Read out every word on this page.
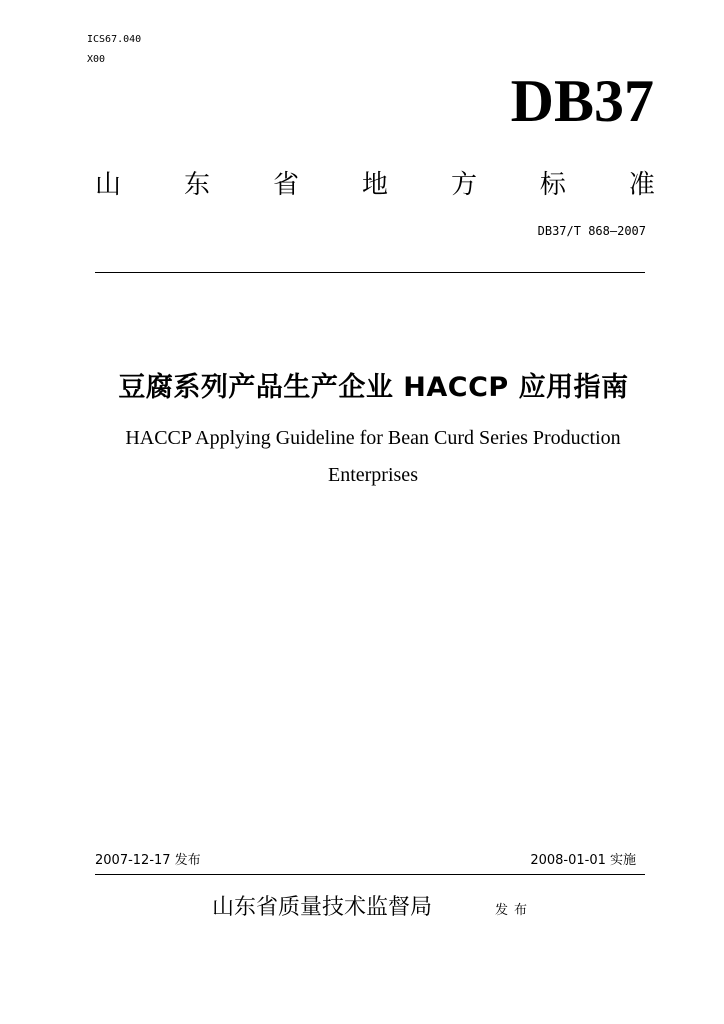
ICS67.040
X00
DB37
山 东 省 地 方 标 准
DB37/T 868—2007
豆腐系列产品生产企业 HACCP 应用指南
HACCP Applying Guideline for Bean Curd Series Production
Enterprises
2007-12-17 发布	2008-01-01 实施
山东省质量技术监督局	发布
